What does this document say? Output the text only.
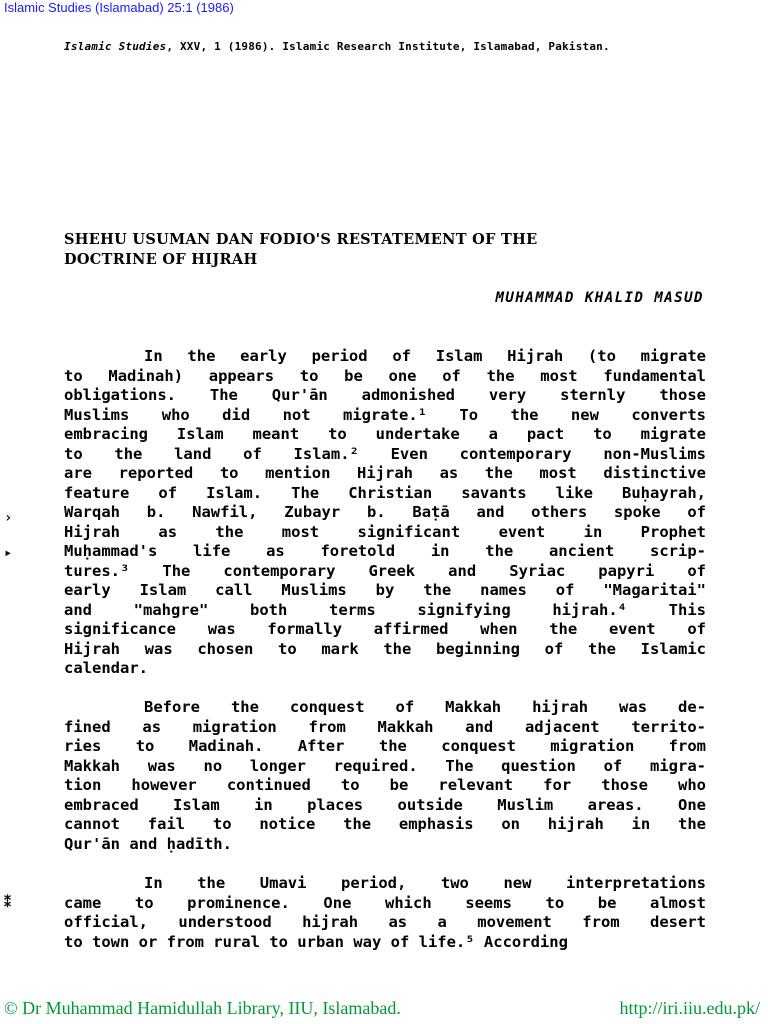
Islamic Studies (Islamabad) 25:1 (1986)
Islamic Studies, XXV, 1 (1986). Islamic Research Institute, Islamabad, Pakistan.
SHEHU USUMAN DAN FODIO'S RESTATEMENT OF THE
DOCTRINE OF HIJRAH
MUHAMMAD KHALID MASUD
In the early period of Islam Hijrah (to migrate
to Madinah) appears to be one of the most fundamental
obligations. The Qur'ān admonished very sternly those
Muslims who did not migrate.¹ To the new converts
embracing Islam meant to undertake a pact to migrate
to the land of Islam.² Even contemporary non-Muslims
are reported to mention Hijrah as the most distinctive
feature of Islam. The Christian savants like Buḥayrah,
Warqah b. Nawfil, Zubayr b. Baṭā and others spoke of
Hijrah as the most significant event in Prophet
Muḥammad's life as foretold in the ancient scrip-
tures.³ The contemporary Greek and Syriac papyri of
early Islam call Muslims by the names of "Magaritai"
and "mahgre" both terms signifying hijrah.⁴ This
significance was formally affirmed when the event of
Hijrah was chosen to mark the beginning of the Islamic
calendar.
Before the conquest of Makkah hijrah was de-
fined as migration from Makkah and adjacent territo-
ries to Madinah. After the conquest migration from
Makkah was no longer required. The question of migra-
tion however continued to be relevant for those who
embraced Islam in places outside Muslim areas. One
cannot fail to notice the emphasis on hijrah in the
Qur'ān and ḥadīth.
In the Umavi period, two new interpretations
came to prominence. One which seems to be almost
official, understood hijrah as a movement from desert
to town or from rural to urban way of life.⁵ According
›
▸
⁑
© Dr Muhammad Hamidullah Library, IIU, Islamabad.	http://iri.iiu.edu.pk/
